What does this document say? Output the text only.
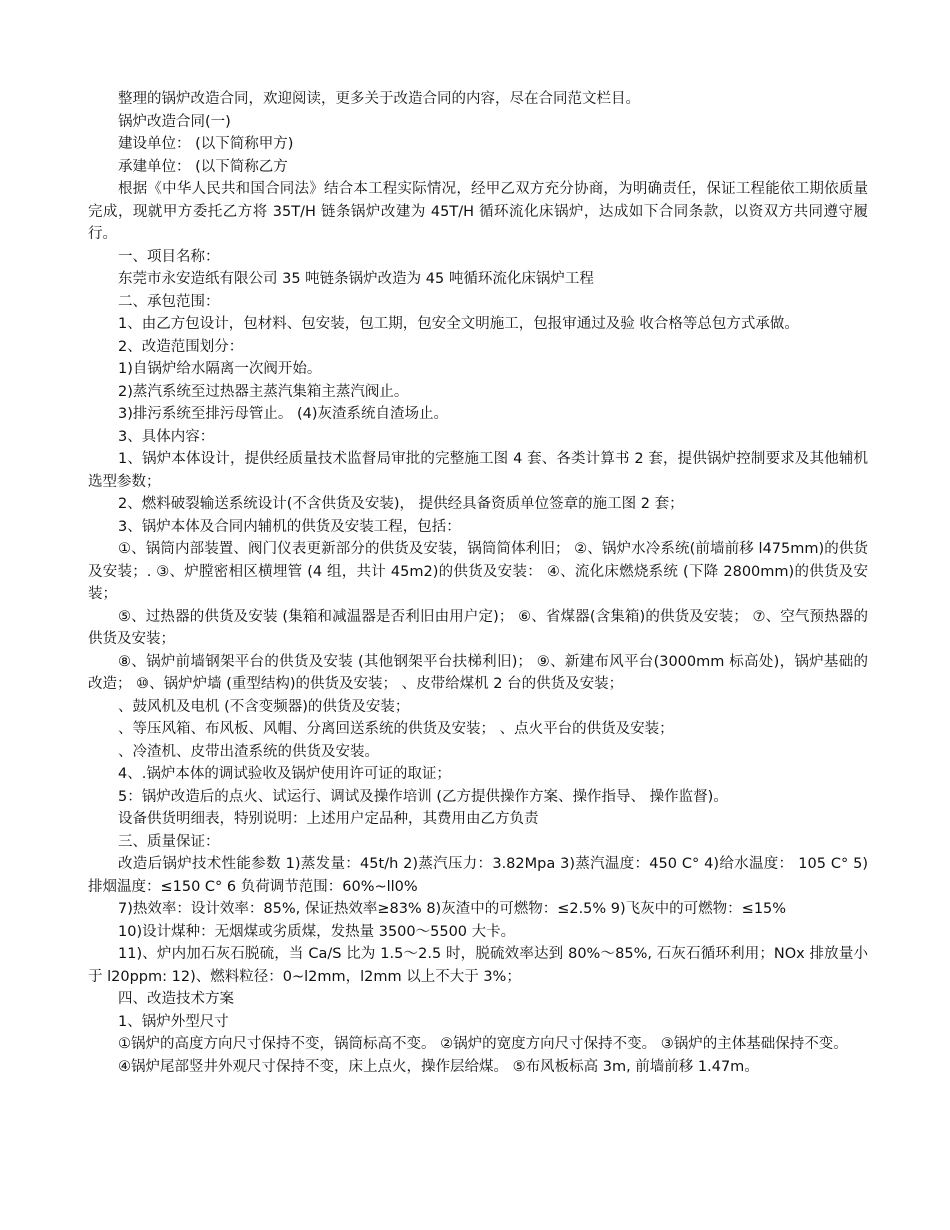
整理的锅炉改造合同，欢迎阅读，更多关于改造合同的内容，尽在合同范文栏目。

锅炉改造合同(一)

建设单位： (以下简称甲方)

承建单位： (以下简称乙方

根据《中华人民共和国合同法》结合本工程实际情况，经甲乙双方充分协商，为明确责任，保证工程能依工期依质量完成，现就甲方委托乙方将 35T/H 链条锅炉改建为 45T/H 循环流化床锅炉，达成如下合同条款，以资双方共同遵守履行。

一、项目名称：

东莞市永安造纸有限公司 35 吨链条锅炉改造为 45 吨循环流化床锅炉工程

二、承包范围：

1、由乙方包设计，包材料、包安装，包工期，包安全文明施工，包报审通过及验 收合格等总包方式承做。

2、改造范围划分：

1)自锅炉给水隔离一次阀开始。

2)蒸汽系统至过热器主蒸汽集箱主蒸汽阀止。

3)排污系统至排污母管止。 (4)灰渣系统自渣场止。

3、具体内容：

1、锅炉本体设计，提供经质量技术监督局审批的完整施工图 4 套、各类计算书 2 套，提供锅炉控制要求及其他辅机选型参数；

2、燃料破裂输送系统设计(不含供货及安装)， 提供经具备资质单位签章的施工图 2 套；

3、锅炉本体及合同内辅机的供货及安装工程，包括：

①、锅筒内部装置、阀门仪表更新部分的供货及安装，锅筒简体利旧； ②、锅炉水冷系统(前墙前移 l475mm)的供货及安装；. ③、炉膛密相区横埋管 (4 组，共计 45m2)的供货及安装： ④、流化床燃烧系统 (下降 2800mm)的供货及安装；

⑤、过热器的供货及安装 (集箱和减温器是否利旧由用户定)； ⑥、省煤器(含集箱)的供货及安装； ⑦、空气预热器的供货及安装；

⑧、锅炉前墙钢架平台的供货及安装 (其他钢架平台扶梯利旧)； ⑨、新建布风平台(3000mm 标高处)，锅炉基础的改造； ⑩、锅炉炉墙 (重型结构)的供货及安装； 、皮带给煤机 2 台的供货及安装；

、鼓风机及电机 (不含变频器)的供货及安装；

、等压风箱、布风板、风帽、分离回送系统的供货及安装； 、点火平台的供货及安装；

、冷渣机、皮带出渣系统的供货及安装。

4、.锅炉本体的调试验收及锅炉使用许可证的取证；

5：锅炉改造后的点火、试运行、调试及操作培训 (乙方提供操作方案、操作指导、 操作监督)。

设备供货明细表，特别说明：上述用户定品种，其费用由乙方负责

三、质量保证：

改造后锅炉技术性能参数 1)蒸发量：45t/h 2)蒸汽压力：3.82Mpa 3)蒸汽温度：450 C° 4)给水温度： 105 C° 5)排烟温度：≤150 C° 6 负荷调节范围：60%~ll0%

7)热效率：设计效率：85%, 保证热效率≥83% 8)灰渣中的可燃物：≤2.5% 9)飞灰中的可燃物：≤15%

10)设计煤种：无烟煤或劣质煤，发热量 3500～5500 大卡。

11)、炉内加石灰石脱硫，当 Ca/S 比为 1.5～2.5 时，脱硫效率达到 80%～85%, 石灰石循环利用；NOx 排放量小于 l20ppm: 12)、燃料粒径：0~l2mm，l2mm 以上不大于 3%；

四、改造技术方案

1、锅炉外型尺寸

①锅炉的高度方向尺寸保持不变，锅筒标高不变。 ②锅炉的宽度方向尺寸保持不变。 ③锅炉的主体基础保持不变。

④锅炉尾部竖井外观尺寸保持不变，床上点火，操作层给煤。 ⑤布风板标高 3m, 前墙前移 1.47m。
